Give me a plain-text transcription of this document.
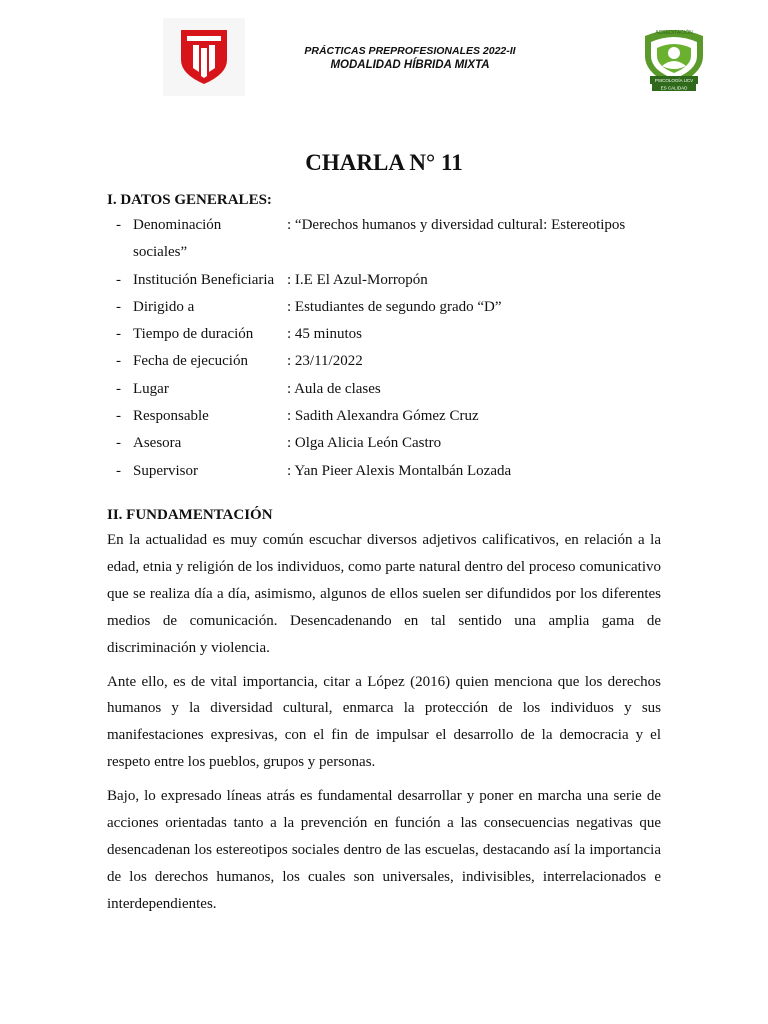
PRÁCTICAS PREPROFESIONALES 2022-II
MODALIDAD HÍBRIDA MIXTA
ACREDITACIÓN
PSICOLOGÍA UCV
ES CALIDAD
CHARLA N° 11
I. DATOS GENERALES:
- Denominación	: “Derechos humanos y diversidad cultural: Estereotipos
sociales”
- Institución Beneficiaria : I.E El Azul-Morropón
- Dirigido a	: Estudiantes de segundo grado “D”
- Tiempo de duración	: 45 minutos
- Fecha de ejecución	: 23/11/2022
- Lugar	: Aula de clases
- Responsable	: Sadith Alexandra Gómez Cruz
- Asesora	: Olga Alicia León Castro
- Supervisor	: Yan Pieer Alexis Montalbán Lozada
II. FUNDAMENTACIÓN

En la actualidad es muy común escuchar diversos adjetivos calificativos, en relación a la edad, etnia y religión de los individuos, como parte natural dentro del proceso comunicativo que se realiza día a día, asimismo, algunos de ellos suelen ser difundidos por los diferentes medios de comunicación. Desencadenando en tal sentido una amplia gama de discriminación y violencia.

Ante ello, es de vital importancia, citar a López (2016) quien menciona que los derechos humanos y la diversidad cultural, enmarca la protección de los individuos y sus manifestaciones expresivas, con el fin de impulsar el desarrollo de la democracia y el respeto entre los pueblos, grupos y personas.

Bajo, lo expresado líneas atrás es fundamental desarrollar y poner en marcha una serie de acciones orientadas tanto a la prevención en función a las consecuencias negativas que desencadenan los estereotipos sociales dentro de las escuelas, destacando así la importancia de los derechos humanos, los cuales son universales, indivisibles, interrelacionados e interdependientes.
